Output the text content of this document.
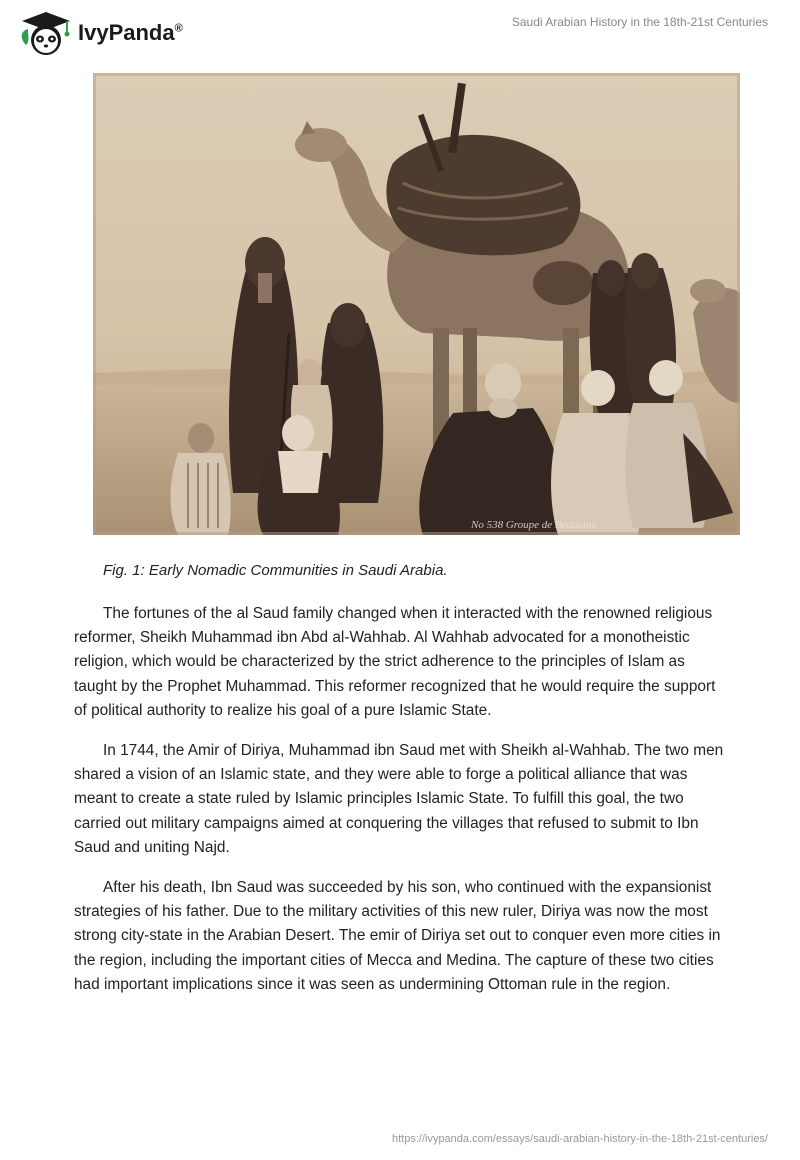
IvyPanda®	Saudi Arabian History in the 18th-21st Centuries
No 538 Groupe de Bédouins
Fig. 1: Early Nomadic Communities in Saudi Arabia.

The fortunes of the al Saud family changed when it interacted with the renowned religious reformer, Sheikh Muhammad ibn Abd al-Wahhab. Al Wahhab advocated for a monotheistic religion, which would be characterized by the strict adherence to the principles of Islam as taught by the Prophet Muhammad. This reformer recognized that he would require the support of political authority to realize his goal of a pure Islamic State.

In 1744, the Amir of Diriya, Muhammad ibn Saud met with Sheikh al-Wahhab. The two men shared a vision of an Islamic state, and they were able to forge a political alliance that was meant to create a state ruled by Islamic principles Islamic State. To fulfill this goal, the two carried out military campaigns aimed at conquering the villages that refused to submit to Ibn Saud and uniting Najd.

After his death, Ibn Saud was succeeded by his son, who continued with the expansionist strategies of his father. Due to the military activities of this new ruler, Diriya was now the most strong city-state in the Arabian Desert. The emir of Diriya set out to conquer even more cities in the region, including the important cities of Mecca and Medina. The capture of these two cities had important implications since it was seen as undermining Ottoman rule in the region.

https://ivypanda.com/essays/saudi-arabian-history-in-the-18th-21st-centuries/
